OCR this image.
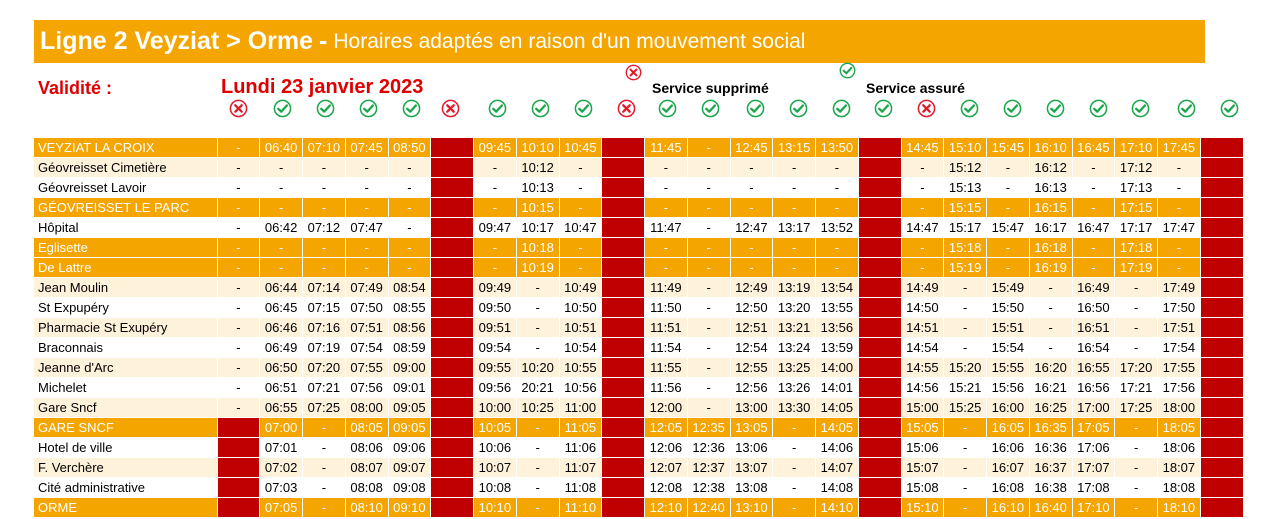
Ligne 2 Veyziat > Orme - Horaires adaptés en raison d'un mouvement social
Validité :	Lundi 23 janvier 2023	Service supprimé	Service assuré
VEYZIAT LA CROIX	-	06:40	07:10	07:45	08:50		09:45	10:10	10:45		11:45	-	12:45	13:15	13:50		14:45	15:10	15:45	16:10	16:45	17:10	17:45	
Géovreisset Cimetière	-	-	-	-	-		-	10:12	-		-	-	-	-	-		-	15:12	-	16:12	-	17:12	-	
Géovreisset Lavoir	-	-	-	-	-		-	10:13	-		-	-	-	-	-		-	15:13	-	16:13	-	17:13	-	
GÉOVREISSET LE PARC	-	-	-	-	-		-	10:15	-		-	-	-	-	-		-	15:15	-	16:15	-	17:15	-	
Hôpital	-	06:42	07:12	07:47	-		09:47	10:17	10:47		11:47	-	12:47	13:17	13:52		14:47	15:17	15:47	16:17	16:47	17:17	17:47	
Eglisette	-	-	-	-	-		-	10:18	-		-	-	-	-	-		-	15:18	-	16:18	-	17:18	-	
De Lattre	-	-	-	-	-		-	10:19	-		-	-	-	-	-		-	15:19	-	16:19	-	17:19	-	
Jean Moulin	-	06:44	07:14	07:49	08:54		09:49	-	10:49		11:49	-	12:49	13:19	13:54		14:49	-	15:49	-	16:49	-	17:49	
St Expupéry	-	06:45	07:15	07:50	08:55		09:50	-	10:50		11:50	-	12:50	13:20	13:55		14:50	-	15:50	-	16:50	-	17:50	
Pharmacie St Exupéry	-	06:46	07:16	07:51	08:56		09:51	-	10:51		11:51	-	12:51	13:21	13:56		14:51	-	15:51	-	16:51	-	17:51	
Braconnais	-	06:49	07:19	07:54	08:59		09:54	-	10:54		11:54	-	12:54	13:24	13:59		14:54	-	15:54	-	16:54	-	17:54	
Jeanne d'Arc	-	06:50	07:20	07:55	09:00		09:55	10:20	10:55		11:55	-	12:55	13:25	14:00		14:55	15:20	15:55	16:20	16:55	17:20	17:55	
Michelet	-	06:51	07:21	07:56	09:01		09:56	20:21	10:56		11:56	-	12:56	13:26	14:01		14:56	15:21	15:56	16:21	16:56	17:21	17:56	
Gare Sncf	-	06:55	07:25	08:00	09:05		10:00	10:25	11:00		12:00	-	13:00	13:30	14:05		15:00	15:25	16:00	16:25	17:00	17:25	18:00	
GARE SNCF		07:00	-	08:05	09:05		10:05	-	11:05		12:05	12:35	13:05	-	14:05		15:05	-	16:05	16:35	17:05	-	18:05	
Hotel de ville		07:01	-	08:06	09:06		10:06	-	11:06		12:06	12:36	13:06	-	14:06		15:06	-	16:06	16:36	17:06	-	18:06	
F. Verchère		07:02	-	08:07	09:07		10:07	-	11:07		12:07	12:37	13:07	-	14:07		15:07	-	16:07	16:37	17:07	-	18:07	
Cité administrative		07:03	-	08:08	09:08		10:08	-	11:08		12:08	12:38	13:08	-	14:08		15:08	-	16:08	16:38	17:08	-	18:08	
ORME		07:05	-	08:10	09:10		10:10	-	11:10		12:10	12:40	13:10	-	14:10		15:10	-	16:10	16:40	17:10	-	18:10	
